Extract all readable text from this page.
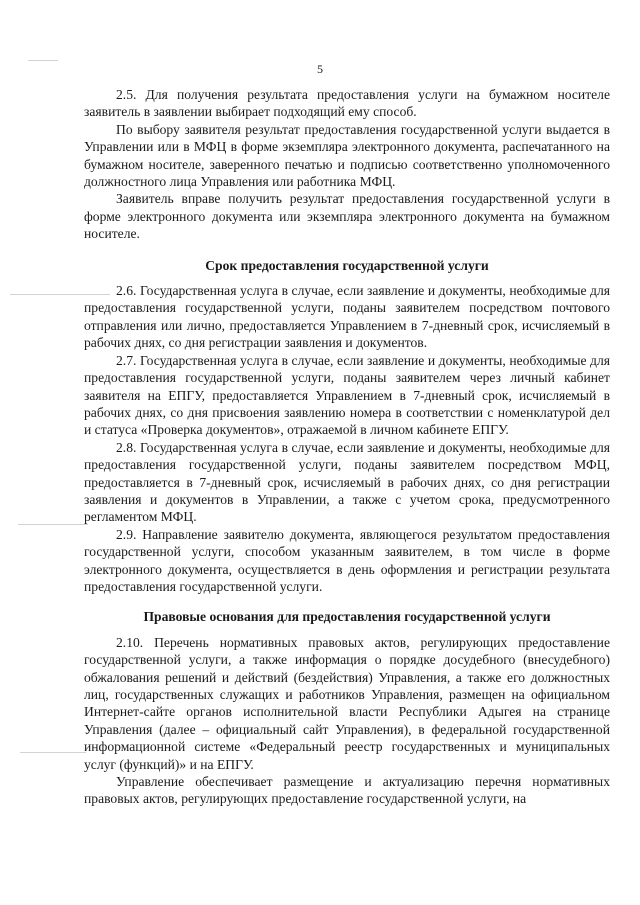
5

2.5. Для получения результата предоставления услуги на бумажном носителе заявитель в заявлении выбирает подходящий ему способ.

По выбору заявителя результат предоставления государственной услуги выдается в Управлении или в МФЦ в форме экземпляра электронного документа, распечатанного на бумажном носителе, заверенного печатью и подписью соответственно уполномоченного должностного лица Управления или работника МФЦ.

Заявитель вправе получить результат предоставления государственной услуги в форме электронного документа или экземпляра электронного документа на бумажном носителе.

Срок предоставления государственной услуги

2.6. Государственная услуга в случае, если заявление и документы, необходимые для предоставления государственной услуги, поданы заявителем посредством почтового отправления или лично, предоставляется Управлением в 7-дневный срок, исчисляемый в рабочих днях, со дня регистрации заявления и документов.

2.7. Государственная услуга в случае, если заявление и документы, необходимые для предоставления государственной услуги, поданы заявителем через личный кабинет заявителя на ЕПГУ, предоставляется Управлением в 7-дневный срок, исчисляемый в рабочих днях, со дня присвоения заявлению номера в соответствии с номенклатурой дел и статуса «Проверка документов», отражаемой в личном кабинете ЕПГУ.

2.8. Государственная услуга в случае, если заявление и документы, необходимые для предоставления государственной услуги, поданы заявителем посредством МФЦ, предоставляется в 7-дневный срок, исчисляемый в рабочих днях, со дня регистрации заявления и документов в Управлении, а также с учетом срока, предусмотренного регламентом МФЦ.

2.9. Направление заявителю документа, являющегося результатом предоставления государственной услуги, способом указанным заявителем, в том числе в форме электронного документа, осуществляется в день оформления и регистрации результата предоставления государственной услуги.

Правовые основания для предоставления государственной услуги

2.10. Перечень нормативных правовых актов, регулирующих предоставление государственной услуги, а также информация о порядке досудебного (внесудебного) обжалования решений и действий (бездействия) Управления, а также его должностных лиц, государственных служащих и работников Управления, размещен на официальном Интернет-сайте органов исполнительной власти Республики Адыгея на странице Управления (далее – официальный сайт Управления), в федеральной государственной информационной системе «Федеральный реестр государственных и муниципальных услуг (функций)» и на ЕПГУ.

Управление обеспечивает размещение и актуализацию перечня нормативных правовых актов, регулирующих предоставление государственной услуги, на
